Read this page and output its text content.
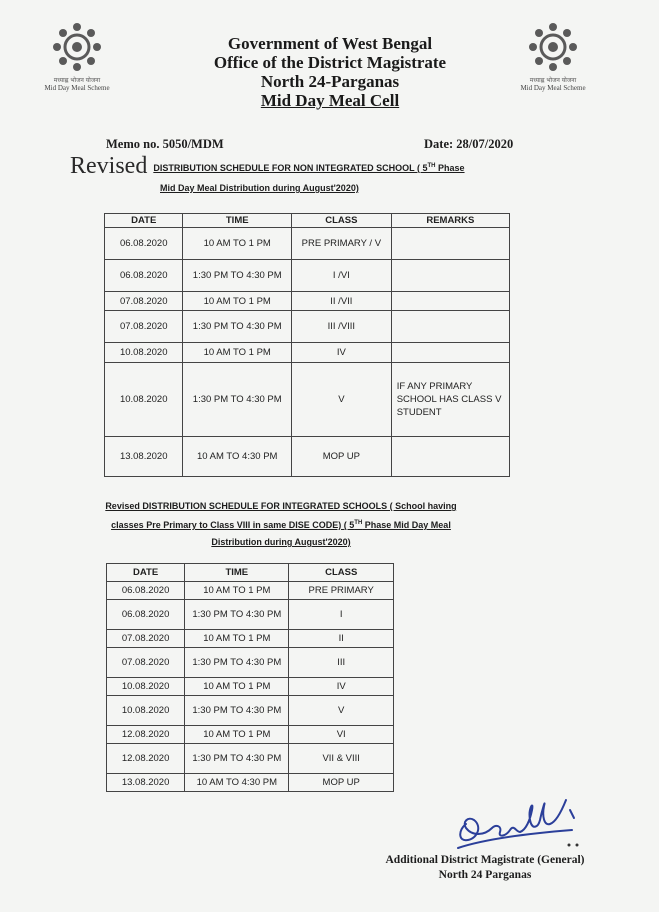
मध्याह्न भोजन योजना
Mid Day Meal Scheme
मध्याह्न भोजन योजना
Mid Day Meal Scheme
Government of West Bengal
Office of the District Magistrate
North 24-Parganas
Mid Day Meal Cell
Memo no. 5050/MDM	Date: 28/07/2020
Revised DISTRIBUTION SCHEDULE FOR NON INTEGRATED SCHOOL ( 5TH Phase
Mid Day Meal Distribution during August'2020)
DATE	TIME	CLASS	REMARKS
06.08.2020	10 AM TO 1 PM	PRE PRIMARY / V	
06.08.2020	1:30 PM TO 4:30 PM	I /VI	
07.08.2020	10 AM TO 1 PM	II /VII	
07.08.2020	1:30 PM TO 4:30 PM	III /VIII	
10.08.2020	10 AM TO 1 PM	IV	
10.08.2020	1:30 PM TO 4:30 PM	V	IF ANY PRIMARY SCHOOL HAS CLASS V STUDENT
13.08.2020	10 AM TO 4:30 PM	MOP UP	
Revised DISTRIBUTION SCHEDULE FOR INTEGRATED SCHOOLS ( School having
classes Pre Primary to Class VIII in same DISE CODE) ( 5TH Phase Mid Day Meal
Distribution during August'2020)
DATE	TIME	CLASS
06.08.2020	10 AM TO 1 PM	PRE PRIMARY
06.08.2020	1:30 PM TO 4:30 PM	I
07.08.2020	10 AM TO 1 PM	II
07.08.2020	1:30 PM TO 4:30 PM	III
10.08.2020	10 AM TO 1 PM	IV
10.08.2020	1:30 PM TO 4:30 PM	V
12.08.2020	10 AM TO 1 PM	VI
12.08.2020	1:30 PM TO 4:30 PM	VII & VIII
13.08.2020	10 AM TO 4:30 PM	MOP UP
Additional District Magistrate (General)
North 24 Parganas
